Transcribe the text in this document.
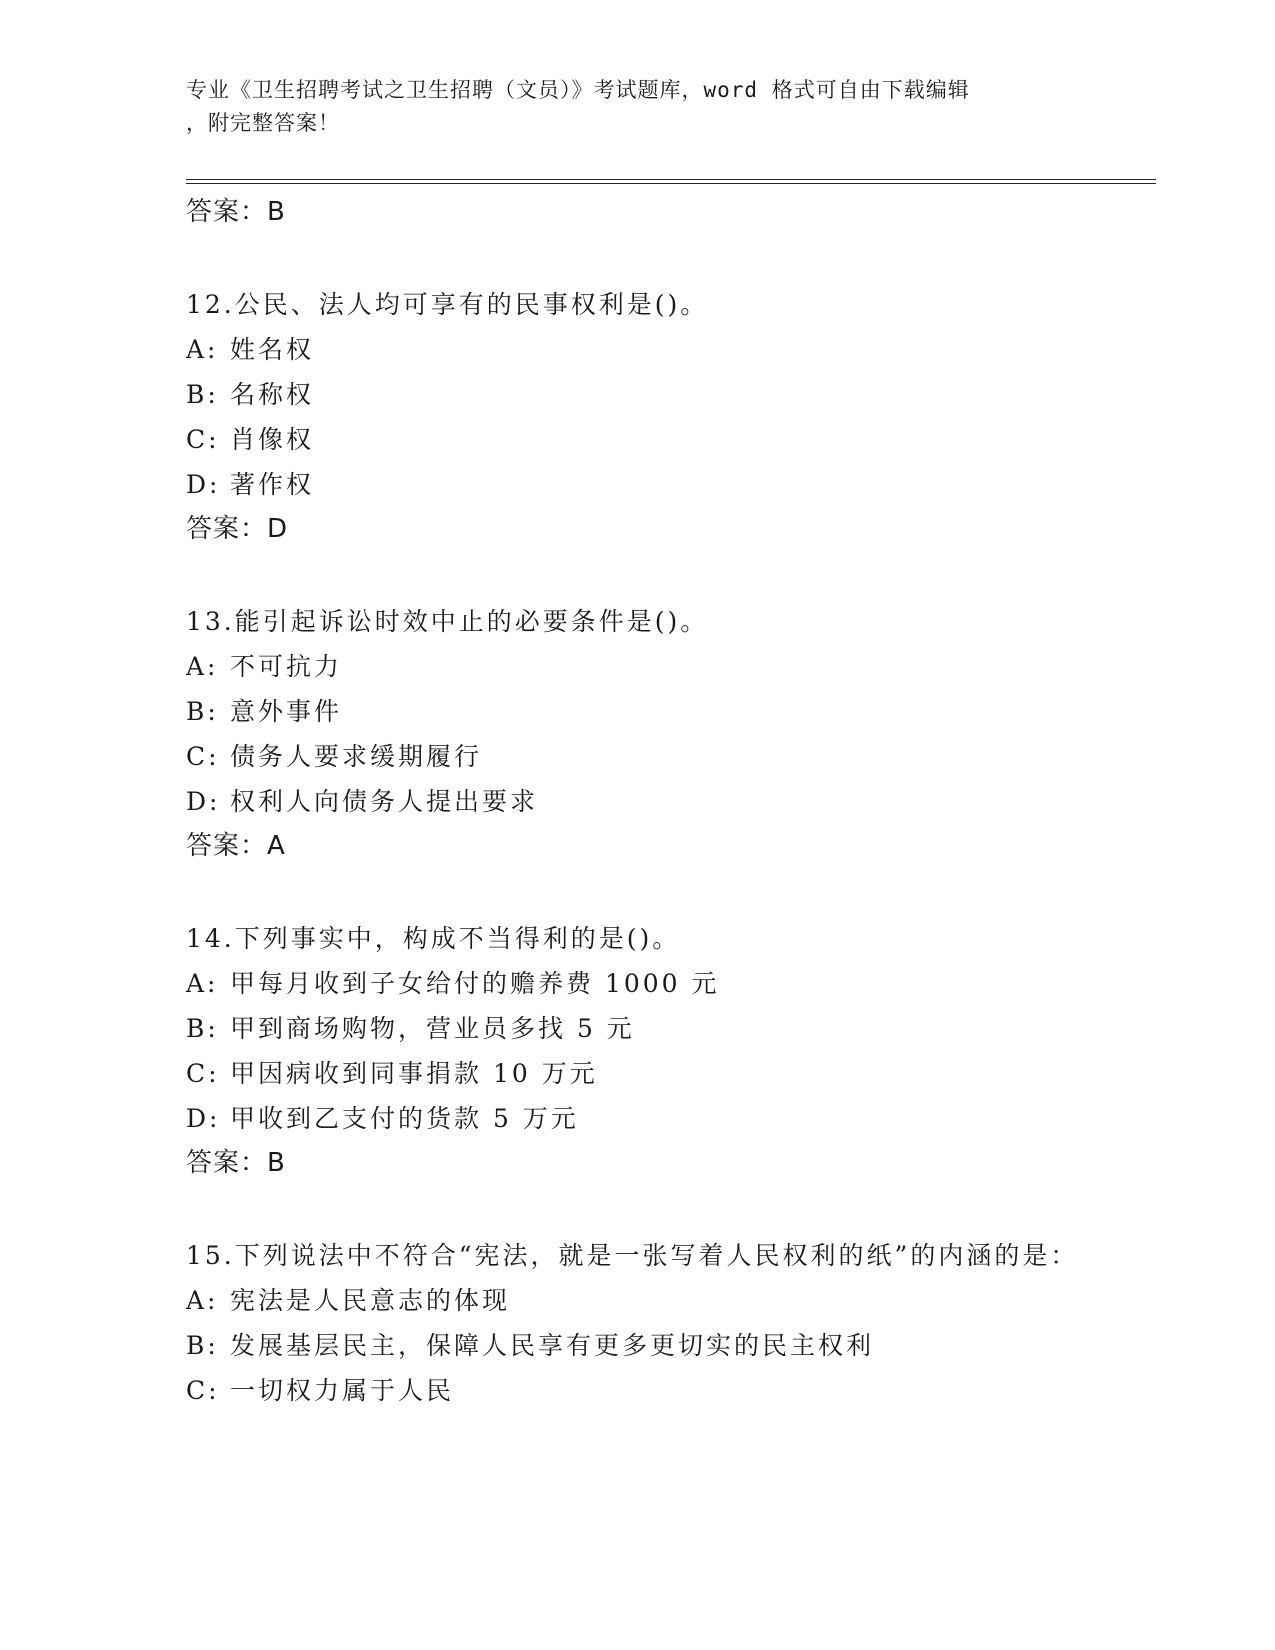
专业《卫生招聘考试之卫生招聘（文员）》考试题库，word 格式可自由下载编辑
，附完整答案！
答案：B
12.公民、法人均可享有的民事权利是()。
A: 姓名权
B: 名称权
C: 肖像权
D: 著作权
答案：D
13.能引起诉讼时效中止的必要条件是()。
A: 不可抗力
B: 意外事件
C: 债务人要求缓期履行
D: 权利人向债务人提出要求
答案：A
14.下列事实中，构成不当得利的是()。
A: 甲每月收到子女给付的赡养费 1000 元
B: 甲到商场购物，营业员多找 5 元
C: 甲因病收到同事捐款 10 万元
D: 甲收到乙支付的货款 5 万元
答案：B
15.下列说法中不符合“宪法，就是一张写着人民权利的纸”的内涵的是：
A: 宪法是人民意志的体现
B: 发展基层民主，保障人民享有更多更切实的民主权利
C: 一切权力属于人民
